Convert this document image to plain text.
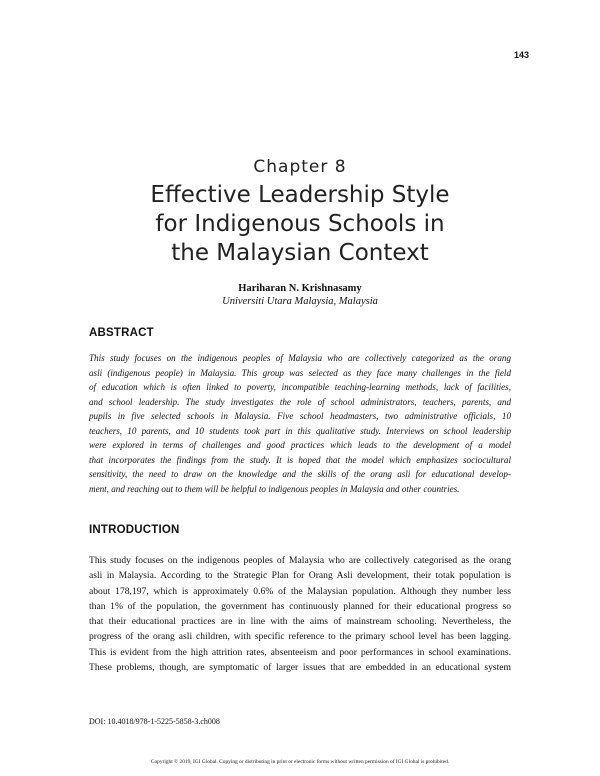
143
Chapter 8
Effective Leadership Style
for Indigenous Schools in
the Malaysian Context
Hariharan N. Krishnasamy
Universiti Utara Malaysia, Malaysia
ABSTRACT
This study focuses on the indigenous peoples of Malaysia who are collectively categorized as the orang
asli (indigenous people) in Malaysia. This group was selected as they face many challenges in the field
of education which is often linked to poverty, incompatible teaching-learning methods, lack of facilities,
and school leadership. The study investigates the role of school administrators, teachers, parents, and
pupils in five selected schools in Malaysia. Five school headmasters, two administrative officials, 10
teachers, 10 parents, and 10 students took part in this qualitative study. Interviews on school leadership
were explored in terms of challenges and good practices which leads to the development of a model
that incorporates the findings from the study. It is hoped that the model which emphasizes sociocultural
sensitivity, the need to draw on the knowledge and the skills of the orang asli for educational develop-
ment, and reaching out to them will be helpful to indigenous peoples in Malaysia and other countries.
INTRODUCTION
This study focuses on the indigenous peoples of Malaysia who are collectively categorised as the orang
asli in Malaysia. According to the Strategic Plan for Orang Asli development, their totak population is
about 178,197, which is approximately 0.6% of the Malaysian population. Although they number less
than 1% of the population, the government has continuously planned for their educational progress so
that their educational practices are in line with the aims of mainstream schooling. Nevertheless, the
progress of the orang asli children, with specific reference to the primary school level has been lagging.
This is evident from the high attrition rates, absenteeism and poor performances in school examinations.
These problems, though, are symptomatic of larger issues that are embedded in an educational system
DOI: 10.4018/978-1-5225-5858-3.ch008
Copyright © 2019, IGI Global. Copying or distributing in print or electronic forms without written permission of IGI Global is prohibited.
